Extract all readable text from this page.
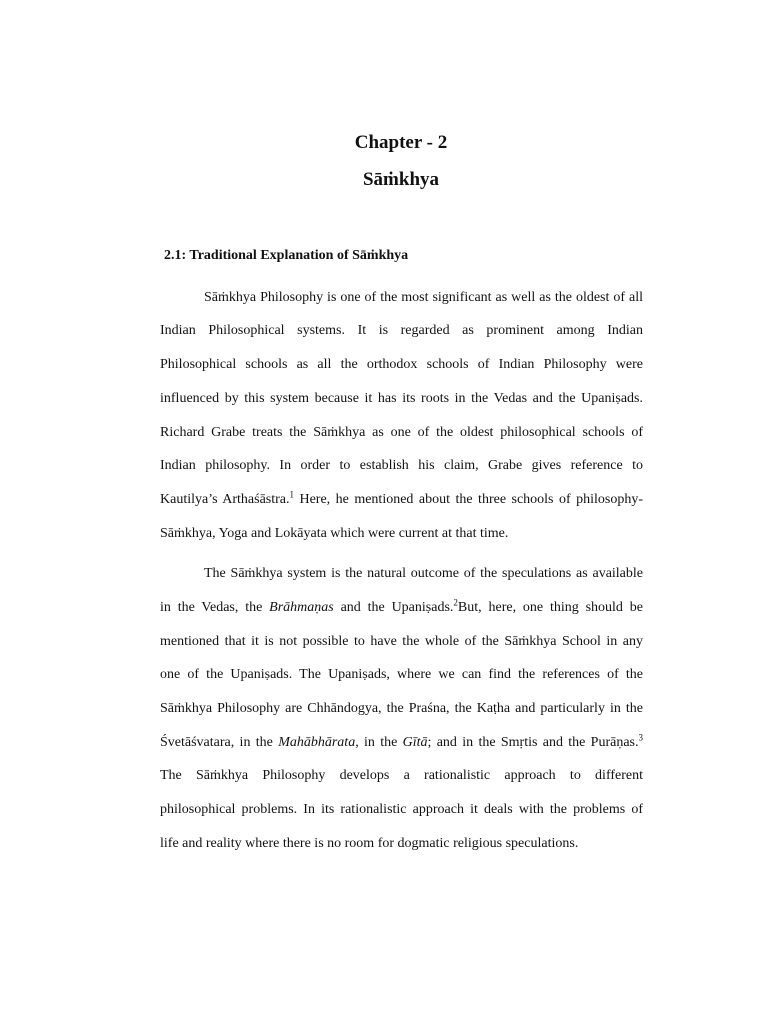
Chapter - 2
Sāṁkhya
2.1: Traditional Explanation of Sāṁkhya

Sāṁkhya Philosophy is one of the most significant as well as the oldest of all

Indian Philosophical systems. It is regarded as prominent among Indian

Philosophical schools as all the orthodox schools of Indian Philosophy were

influenced by this system because it has its roots in the Vedas and the Upaniṣads.

Richard Grabe treats the Sāṁkhya as one of the oldest philosophical schools of

Indian philosophy. In order to establish his claim, Grabe gives reference to

Kautilya’s Arthaśāstra.$^1$ Here, he mentioned about the three schools of philosophy-

Sāṁkhya, Yoga and Lokāyata which were current at that time.

The Sāṁkhya system is the natural outcome of the speculations as available

in the Vedas, the Brāhmaṇas and the Upaniṣads.$^2$But, here, one thing should be

mentioned that it is not possible to have the whole of the Sāṁkhya School in any

one of the Upaniṣads. The Upaniṣads, where we can find the references of the

Sāṁkhya Philosophy are Chhāndogya, the Praśna, the Kaṭha and particularly in the

Śvetāśvatara, in the Mahābhārata, in the Gītā; and in the Smṛtis and the Purāṇas.$^3$

The Sāṁkhya Philosophy develops a rationalistic approach to different

philosophical problems. In its rationalistic approach it deals with the problems of

life and reality where there is no room for dogmatic religious speculations.
